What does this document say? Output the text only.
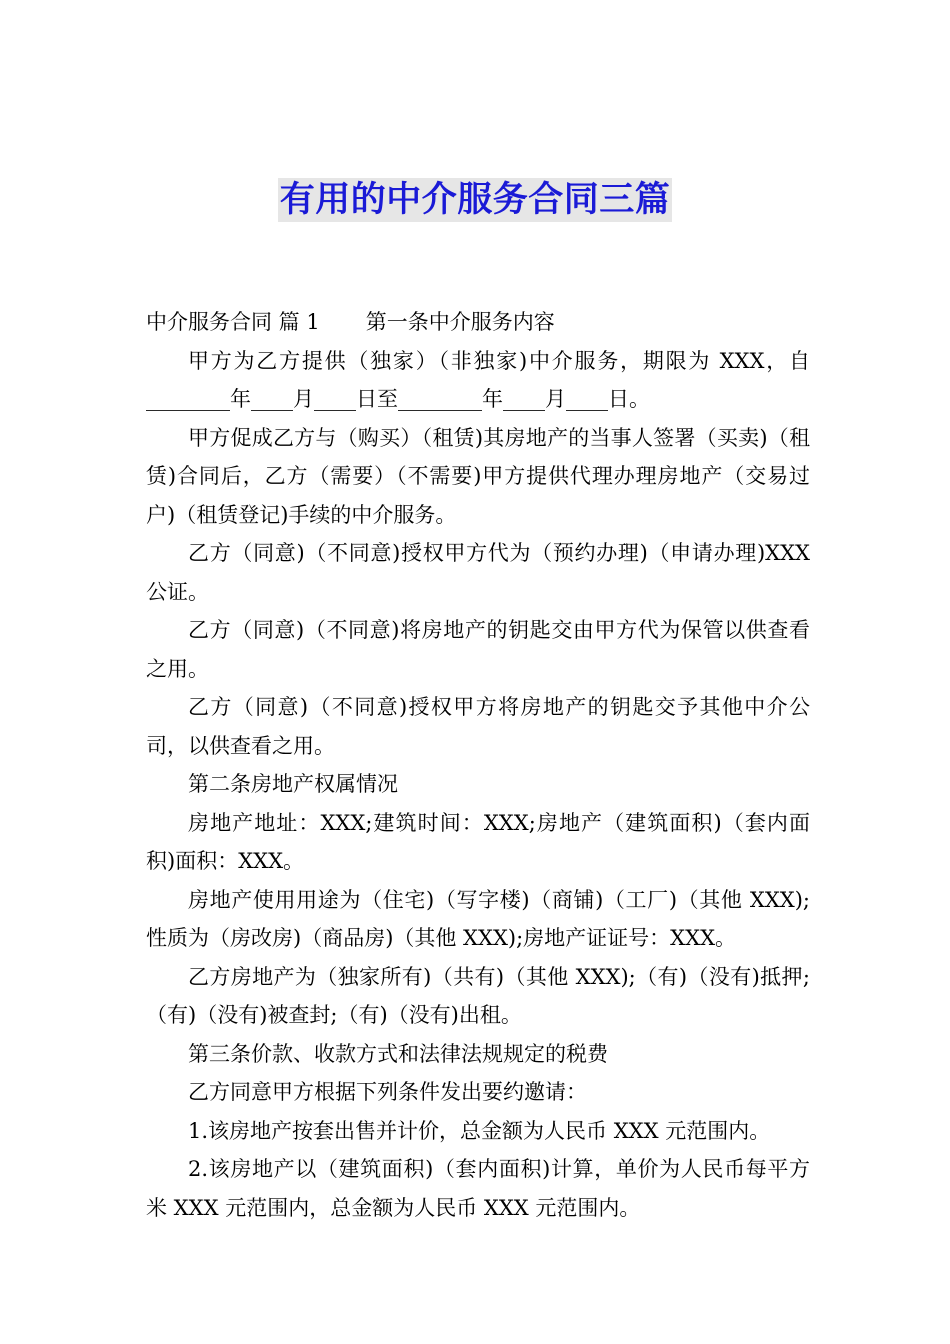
有用的中介服务合同三篇

中介服务合同 篇 1 第一条中介服务内容

甲方为乙方提供（独家）（非独家)中介服务，期限为 XXX，自________年____月____日至________年____月____日。

甲方促成乙方与（购买）（租赁)其房地产的当事人签署（买卖)（租赁)合同后，乙方（需要）（不需要)甲方提供代理办理房地产（交易过户)（租赁登记)手续的中介服务。

乙方（同意)（不同意)授权甲方代为（预约办理)（申请办理)XXX 公证。

乙方（同意)（不同意)将房地产的钥匙交由甲方代为保管以供查看之用。

乙方（同意)（不同意)授权甲方将房地产的钥匙交予其他中介公司，以供查看之用。

第二条房地产权属情况

房地产地址：XXX;建筑时间：XXX;房地产（建筑面积)（套内面积)面积：XXX。

房地产使用用途为（住宅)（写字楼)（商铺)（工厂)（其他 XXX);性质为（房改房)（商品房)（其他 XXX);房地产证证号：XXX。

乙方房地产为（独家所有)（共有)（其他 XXX);（有)（没有)抵押;（有)（没有)被查封;（有)（没有)出租。

第三条价款、收款方式和法律法规规定的税费

乙方同意甲方根据下列条件发出要约邀请：

1.该房地产按套出售并计价，总金额为人民币 XXX 元范围内。

2.该房地产以（建筑面积)（套内面积)计算，单价为人民币每平方米 XXX 元范围内，总金额为人民币 XXX 元范围内。
